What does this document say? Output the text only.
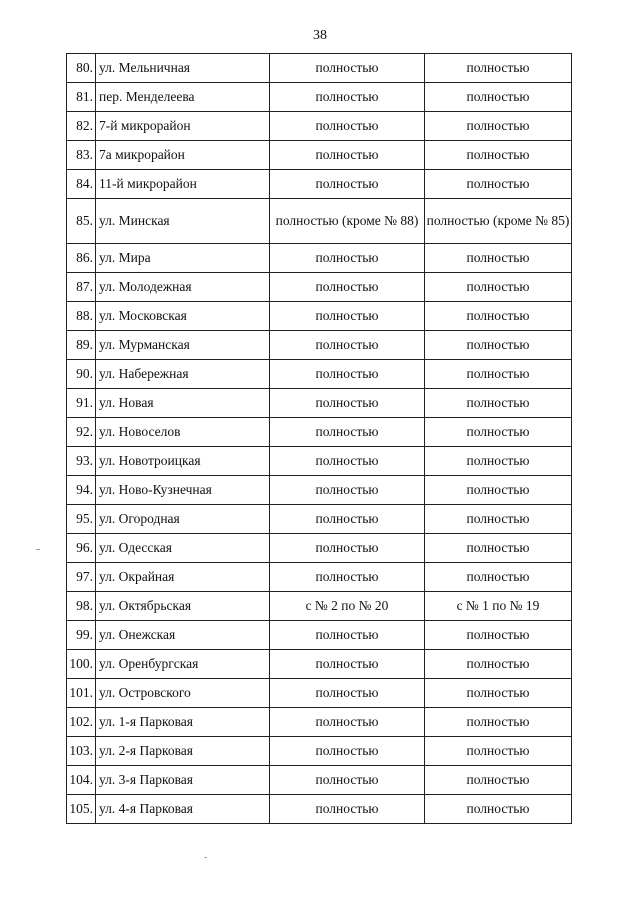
38
80.	ул. Мельничная	полностью	полностью
81.	пер. Менделеева	полностью	полностью
82.	7-й микрорайон	полностью	полностью
83.	7а микрорайон	полностью	полностью
84.	11-й микрорайон	полностью	полностью
85.	ул. Минская	полностью (кроме № 88)	полностью (кроме № 85)
86.	ул. Мира	полностью	полностью
87.	ул. Молодежная	полностью	полностью
88.	ул. Московская	полностью	полностью
89.	ул. Мурманская	полностью	полностью
90.	ул. Набережная	полностью	полностью
91.	ул. Новая	полностью	полностью
92.	ул. Новоселов	полностью	полностью
93.	ул. Новотроицкая	полностью	полностью
94.	ул. Ново-Кузнечная	полностью	полностью
95.	ул. Огородная	полностью	полностью
96.	ул. Одесская	полностью	полностью
97.	ул. Окрайная	полностью	полностью
98.	ул. Октябрьская	с № 2 по № 20	с № 1 по № 19
99.	ул. Онежская	полностью	полностью
100.	ул. Оренбургская	полностью	полностью
101.	ул. Островского	полностью	полностью
102.	ул. 1-я Парковая	полностью	полностью
103.	ул. 2-я Парковая	полностью	полностью
104.	ул. 3-я Парковая	полностью	полностью
105.	ул. 4-я Парковая	полностью	полностью
